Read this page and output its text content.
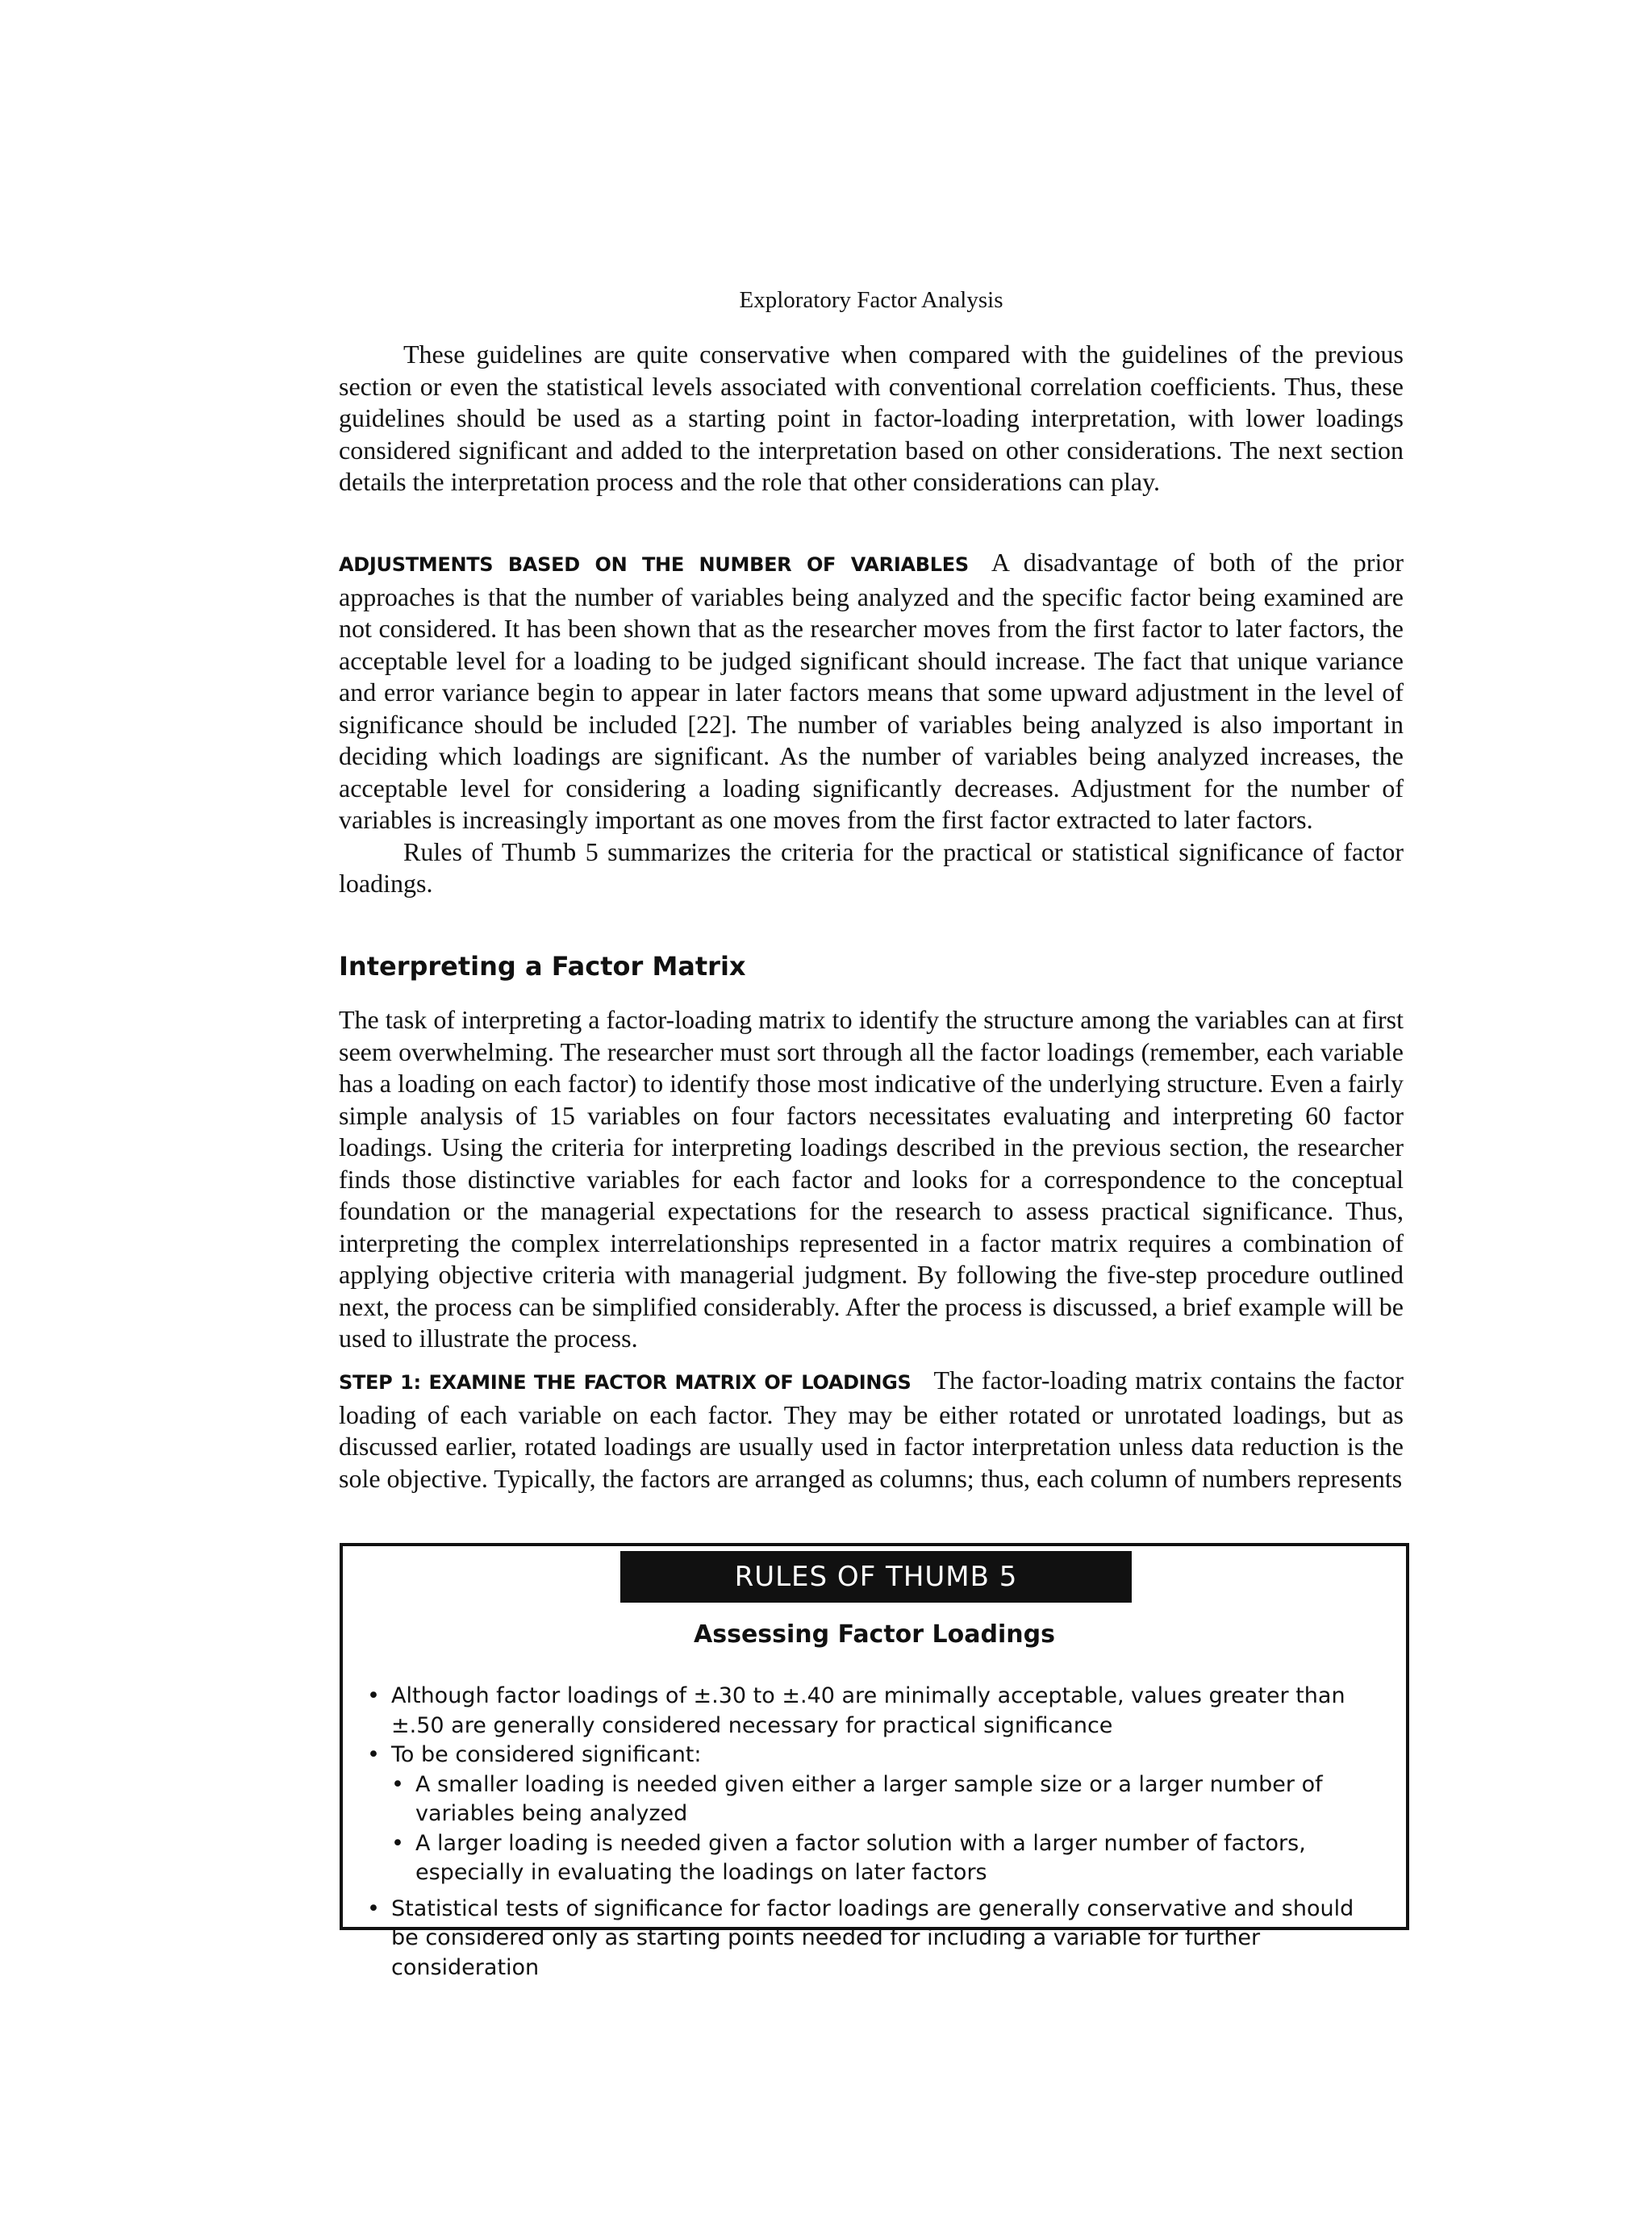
Exploratory Factor Analysis

These guidelines are quite conservative when compared with the guidelines of the previous section or even the statistical levels associated with conventional correlation coefficients. Thus, these guidelines should be used as a starting point in factor-loading interpretation, with lower loadings considered significant and added to the interpretation based on other considerations. The next section details the interpretation process and the role that other considerations can play.

ADJUSTMENTS BASED ON THE NUMBER OF VARIABLES A disadvantage of both of the prior approaches is that the number of variables being analyzed and the specific factor being examined are not considered. It has been shown that as the researcher moves from the first factor to later factors, the acceptable level for a loading to be judged significant should increase. The fact that unique variance and error variance begin to appear in later factors means that some upward adjustment in the level of significance should be included [22]. The number of variables being analyzed is also important in deciding which loadings are significant. As the number of variables being analyzed increases, the acceptable level for considering a loading significantly decreases. Adjustment for the number of variables is increasingly important as one moves from the first factor extracted to later factors.

Rules of Thumb 5 summarizes the criteria for the practical or statistical significance of factor loadings.

Interpreting a Factor Matrix

The task of interpreting a factor-loading matrix to identify the structure among the variables can at first seem overwhelming. The researcher must sort through all the factor loadings (remember, each variable has a loading on each factor) to identify those most indicative of the underlying structure. Even a fairly simple analysis of 15 variables on four factors necessitates evaluating and interpreting 60 factor loadings. Using the criteria for interpreting loadings described in the previous section, the researcher finds those distinctive variables for each factor and looks for a correspondence to the conceptual foundation or the managerial expectations for the research to assess practical significance. Thus, interpreting the complex interrelationships represented in a factor matrix requires a combination of applying objective criteria with managerial judgment. By following the five-step procedure outlined next, the process can be simplified considerably. After the process is discussed, a brief example will be used to illustrate the process.

STEP 1: EXAMINE THE FACTOR MATRIX OF LOADINGS The factor-loading matrix contains the factor loading of each variable on each factor. They may be either rotated or unrotated loadings, but as discussed earlier, rotated loadings are usually used in factor interpretation unless data reduction is the sole objective. Typically, the factors are arranged as columns; thus, each column of numbers represents

RULES OF THUMB 5
Assessing Factor Loadings
• Although factor loadings of ±.30 to ±.40 are minimally acceptable, values greater than ±.50 are generally considered necessary for practical significance
• To be considered significant:
• A smaller loading is needed given either a larger sample size or a larger number of variables being analyzed
• A larger loading is needed given a factor solution with a larger number of factors, especially in evaluating the loadings on later factors
• Statistical tests of significance for factor loadings are generally conservative and should be considered only as starting points needed for including a variable for further consideration
